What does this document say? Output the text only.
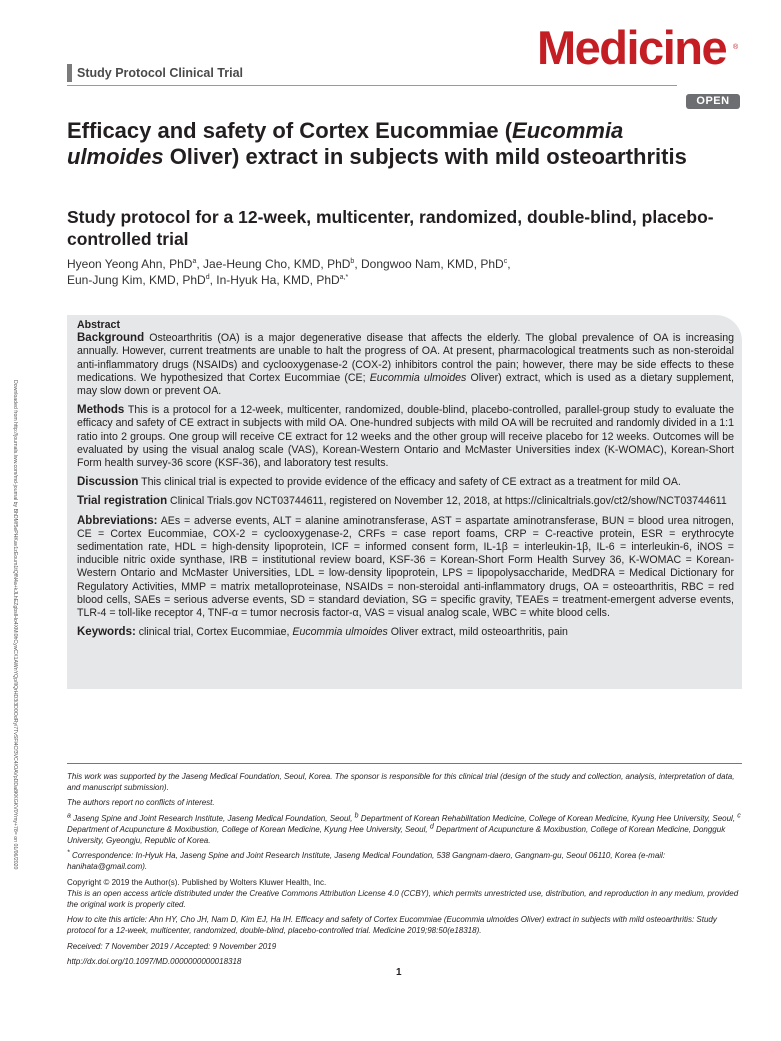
Study Protocol Clinical Trial	Medicine ®
OPEN
Downloaded from http://journals.lww.com/md-journal by BhDMf5ePHKav1zEoum1tQfN4a+kJLhEZgbsIHo4XMi0hCywCX1AWnYQp/IlQrHD3i3D0OdRyi7TvSFl4Cf3VC4/OAVpDDa8KKGKV0Ymy+78= on 01/06/2020
Efficacy and safety of Cortex Eucommiae (Eucommia ulmoides Oliver) extract in subjects with mild osteoarthritis
Study protocol for a 12-week, multicenter, randomized, double-blind, placebo-controlled trial
Hyeon Yeong Ahn, PhD$^a$, Jae-Heung Cho, KMD, PhD$^b$, Dongwoo Nam, KMD, PhD$^c$,
Eun-Jung Kim, KMD, PhD$^d$, In-Hyuk Ha, KMD, PhD$^{a,*}$
Abstract

Background Osteoarthritis (OA) is a major degenerative disease that affects the elderly. The global prevalence of OA is increasing annually. However, current treatments are unable to halt the progress of OA. At present, pharmacological treatments such as non-steroidal anti-inflammatory drugs (NSAIDs) and cyclooxygenase-2 (COX-2) inhibitors control the pain; however, there may be side effects to these medications. We hypothesized that Cortex Eucommiae (CE; Eucommia ulmoides Oliver) extract, which is used as a dietary supplement, may slow down or prevent OA.

Methods This is a protocol for a 12-week, multicenter, randomized, double-blind, placebo-controlled, parallel-group study to evaluate the efficacy and safety of CE extract in subjects with mild OA. One-hundred subjects with mild OA will be recruited and randomly divided in a 1:1 ratio into 2 groups. One group will receive CE extract for 12 weeks and the other group will receive placebo for 12 weeks. Outcomes will be evaluated by using the visual analog scale (VAS), Korean-Western Ontario and McMaster Universities index (K-WOMAC), Korean-Short Form health survey-36 score (KSF-36), and laboratory test results.

Discussion This clinical trial is expected to provide evidence of the efficacy and safety of CE extract as a treatment for mild OA.

Trial registration Clinical Trials.gov NCT03744611, registered on November 12, 2018, at https://clinicaltrials.gov/ct2/show/NCT03744611

Abbreviations: AEs = adverse events, ALT = alanine aminotransferase, AST = aspartate aminotransferase, BUN = blood urea nitrogen, CE = Cortex Eucommiae, COX-2 = cyclooxygenase-2, CRFs = case report foams, CRP = C-reactive protein, ESR = erythrocyte sedimentation rate, HDL = high-density lipoprotein, ICF = informed consent form, IL-1β = interleukin-1β, IL-6 = interleukin-6, iNOS = inducible nitric oxide synthase, IRB = institutional review board, KSF-36 = Korean-Short Form Health Survey 36, K-WOMAC = Korean-Western Ontario and McMaster Universities, LDL = low-density lipoprotein, LPS = lipopolysaccharide, MedDRA = Medical Dictionary for Regulatory Activities, MMP = matrix metalloproteinase, NSAIDs = non-steroidal anti-inflammatory drugs, OA = osteoarthritis, RBC = red blood cells, SAEs = serious adverse events, SD = standard deviation, SG = specific gravity, TEAEs = treatment-emergent adverse events, TLR-4 = toll-like receptor 4, TNF-α = tumor necrosis factor-α, VAS = visual analog scale, WBC = white blood cells.

Keywords: clinical trial, Cortex Eucommiae, Eucommia ulmoides Oliver extract, mild osteoarthritis, pain

This work was supported by the Jaseng Medical Foundation, Seoul, Korea. The sponsor is responsible for this clinical trial (design of the study and collection, analysis, interpretation of data, and manuscript submission).

The authors report no conflicts of interest.

$^a$ Jaseng Spine and Joint Research Institute, Jaseng Medical Foundation, Seoul, $^b$ Department of Korean Rehabilitation Medicine, College of Korean Medicine, Kyung Hee University, Seoul, $^c$ Department of Acupuncture & Moxibustion, College of Korean Medicine, Kyung Hee University, Seoul, $^d$ Department of Acupuncture & Moxibustion, College of Korean Medicine, Dongguk University, Gyeongju, Republic of Korea.

* Correspondence: In-Hyuk Ha, Jaseng Spine and Joint Research Institute, Jaseng Medical Foundation, 538 Gangnam-daero, Gangnam-gu, Seoul 06110, Korea (e-mail: hanihata@gmail.com).

Copyright © 2019 the Author(s). Published by Wolters Kluwer Health, Inc.
This is an open access article distributed under the Creative Commons Attribution License 4.0 (CCBY), which permits unrestricted use, distribution, and reproduction in any medium, provided the original work is properly cited.

How to cite this article: Ahn HY, Cho JH, Nam D, Kim EJ, Ha IH. Efficacy and safety of Cortex Eucommiae (Eucommia ulmoides Oliver) extract in subjects with mild osteoarthritis: Study protocol for a 12-week, multicenter, randomized, double-blind, placebo-controlled trial. Medicine 2019;98:50(e18318).

Received: 7 November 2019 / Accepted: 9 November 2019

http://dx.doi.org/10.1097/MD.0000000000018318

1
